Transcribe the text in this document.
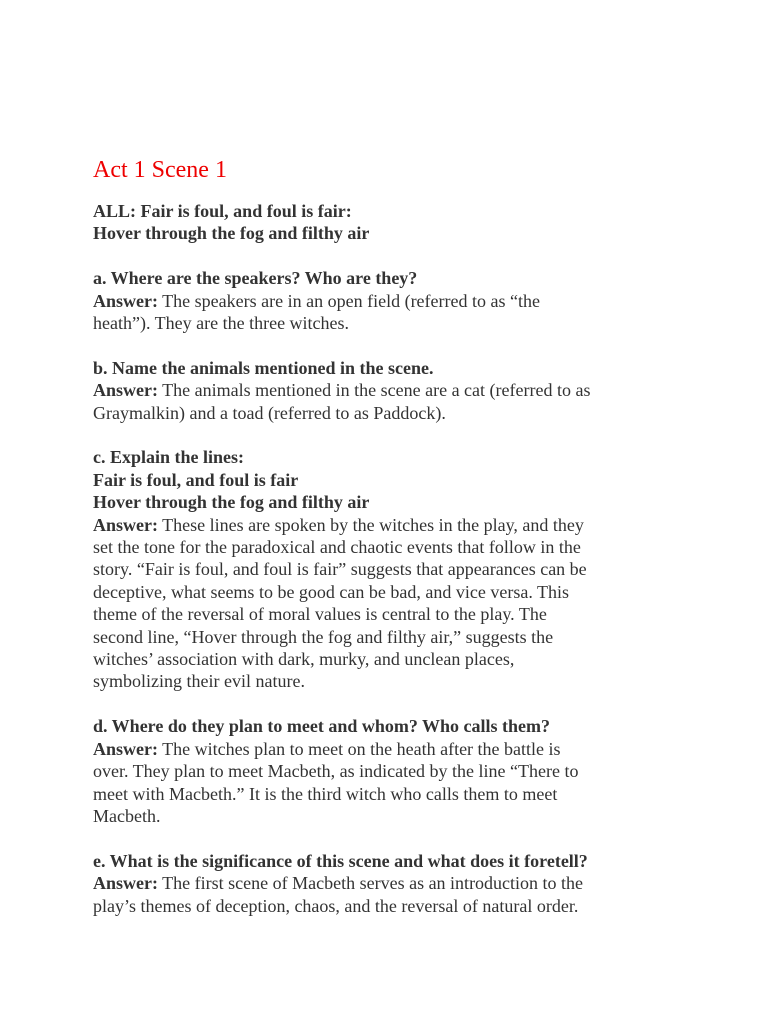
Act 1 Scene 1
ALL: Fair is foul, and foul is fair:
Hover through the fog and filthy air
a. Where are the speakers? Who are they?
Answer: The speakers are in an open field (referred to as “the
heath”). They are the three witches.
b. Name the animals mentioned in the scene.
Answer: The animals mentioned in the scene are a cat (referred to as
Graymalkin) and a toad (referred to as Paddock).
c. Explain the lines:
Fair is foul, and foul is fair
Hover through the fog and filthy air
Answer: These lines are spoken by the witches in the play, and they
set the tone for the paradoxical and chaotic events that follow in the
story. “Fair is foul, and foul is fair” suggests that appearances can be
deceptive, what seems to be good can be bad, and vice versa. This
theme of the reversal of moral values is central to the play. The
second line, “Hover through the fog and filthy air,” suggests the
witches’ association with dark, murky, and unclean places,
symbolizing their evil nature.
d. Where do they plan to meet and whom? Who calls them?
Answer: The witches plan to meet on the heath after the battle is
over. They plan to meet Macbeth, as indicated by the line “There to
meet with Macbeth.” It is the third witch who calls them to meet
Macbeth.
e. What is the significance of this scene and what does it foretell?
Answer: The first scene of Macbeth serves as an introduction to the
play’s themes of deception, chaos, and the reversal of natural order.
